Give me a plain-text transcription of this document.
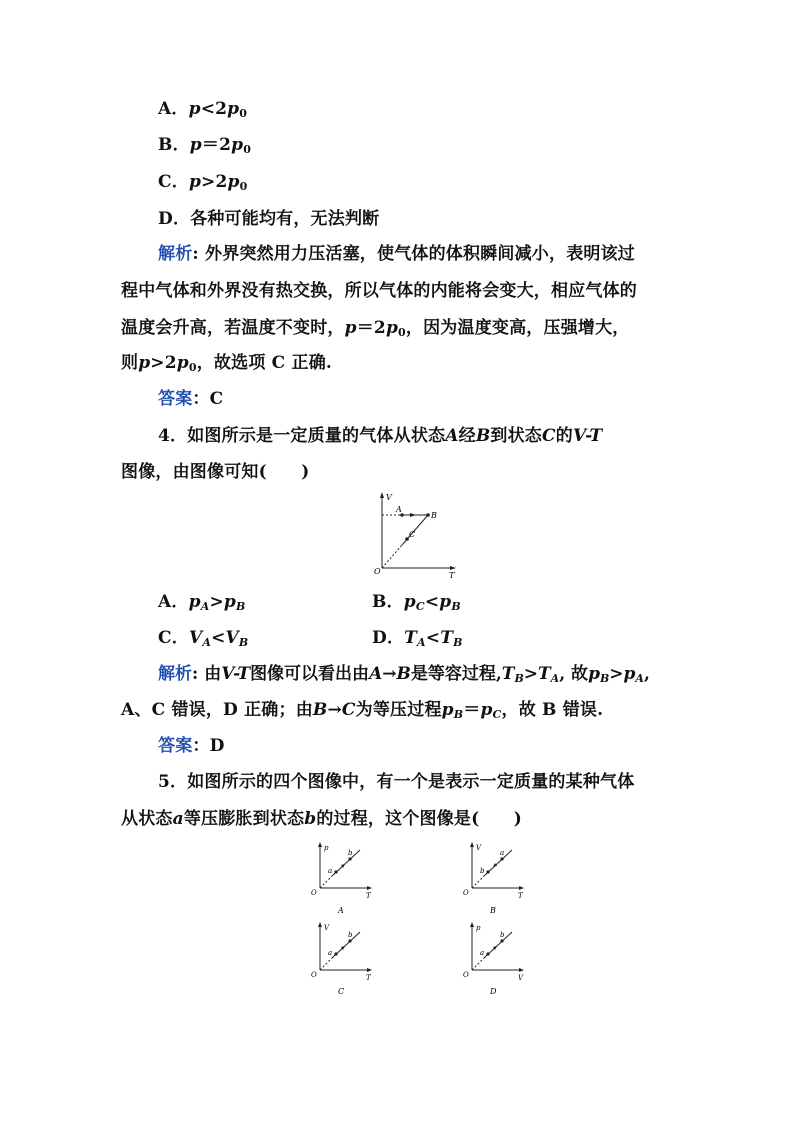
A．$p<2p_0$
B．$p=2p_0$
C．$p>2p_0$
D．各种可能均有，无法判断
解析: 外界突然用力压活塞，使气体的体积瞬间减小，表明该过
程中气体和外界没有热交换，所以气体的内能将会变大，相应气体的
温度会升高，若温度不变时，$p=2p_0$，因为温度变高，压强增大，
则$p>2p_0$，故选项 C 正确.
答案：C
4．如图所示是一定质量的气体从状态A经B到状态C的V-T
图像，由图像可知(　　)
V
T
O
A
B
C
A．$p_A>p_B$	B．$p_C<p_B$
C．$V_A<V_B$	D．$T_A<T_B$
解析: 由V-T图像可以看出由A→B是等容过程$,T_B>T_A$, 故$p_B>p_A$,
A、C 错误，D 正确；由B→C为等压过程$p_B=p_C$，故 B 错误.
答案：D
5．如图所示的四个图像中，有一个是表示一定质量的某种气体
从状态a等压膨胀到状态b的过程，这个图像是(　　)
p
T
O
a
b
A
V
T
O
b
a
B
V
T
O
a
b
C
p
V
O
a
b
D
